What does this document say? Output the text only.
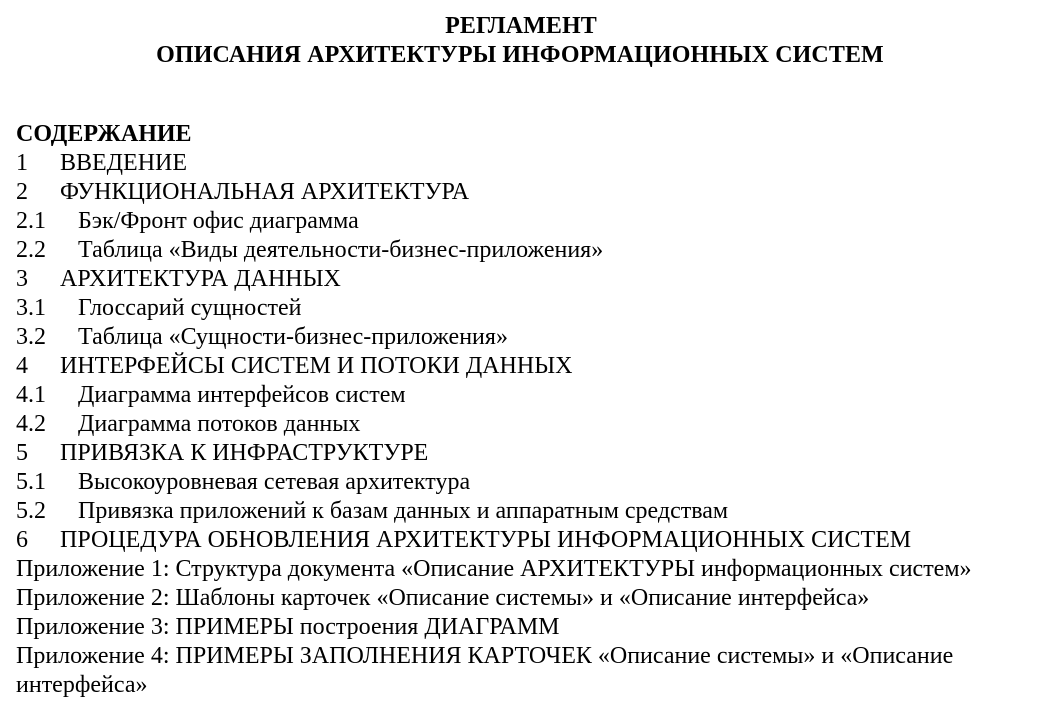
РЕГЛАМЕНТ
ОПИСАНИЯ АРХИТЕКТУРЫ ИНФОРМАЦИОННЫХ СИСТЕМ
СОДЕРЖАНИЕ
1 ВВЕДЕНИЕ
2 ФУНКЦИОНАЛЬНАЯ АРХИТЕКТУРА
2.1 Бэк/Фронт офис диаграмма
2.2 Таблица «Виды деятельности-бизнес-приложения»
3 АРХИТЕКТУРА ДАННЫХ
3.1 Глоссарий сущностей
3.2 Таблица «Сущности-бизнес-приложения»
4 ИНТЕРФЕЙСЫ СИСТЕМ И ПОТОКИ ДАННЫХ
4.1 Диаграмма интерфейсов систем
4.2 Диаграмма потоков данных
5 ПРИВЯЗКА К ИНФРАСТРУКТУРЕ
5.1 Высокоуровневая сетевая архитектура
5.2 Привязка приложений к базам данных и аппаратным средствам
6 ПРОЦЕДУРА ОБНОВЛЕНИЯ АРХИТЕКТУРЫ ИНФОРМАЦИОННЫХ СИСТЕМ
Приложение 1: Структура документа «Описание АРХИТЕКТУРЫ информационных систем»
Приложение 2: Шаблоны карточек «Описание системы» и «Описание интерфейса»
Приложение 3: ПРИМЕРЫ построения ДИАГРАММ
Приложение 4: ПРИМЕРЫ ЗАПОЛНЕНИЯ КАРТОЧЕК «Описание системы» и «Описание интерфейса»
